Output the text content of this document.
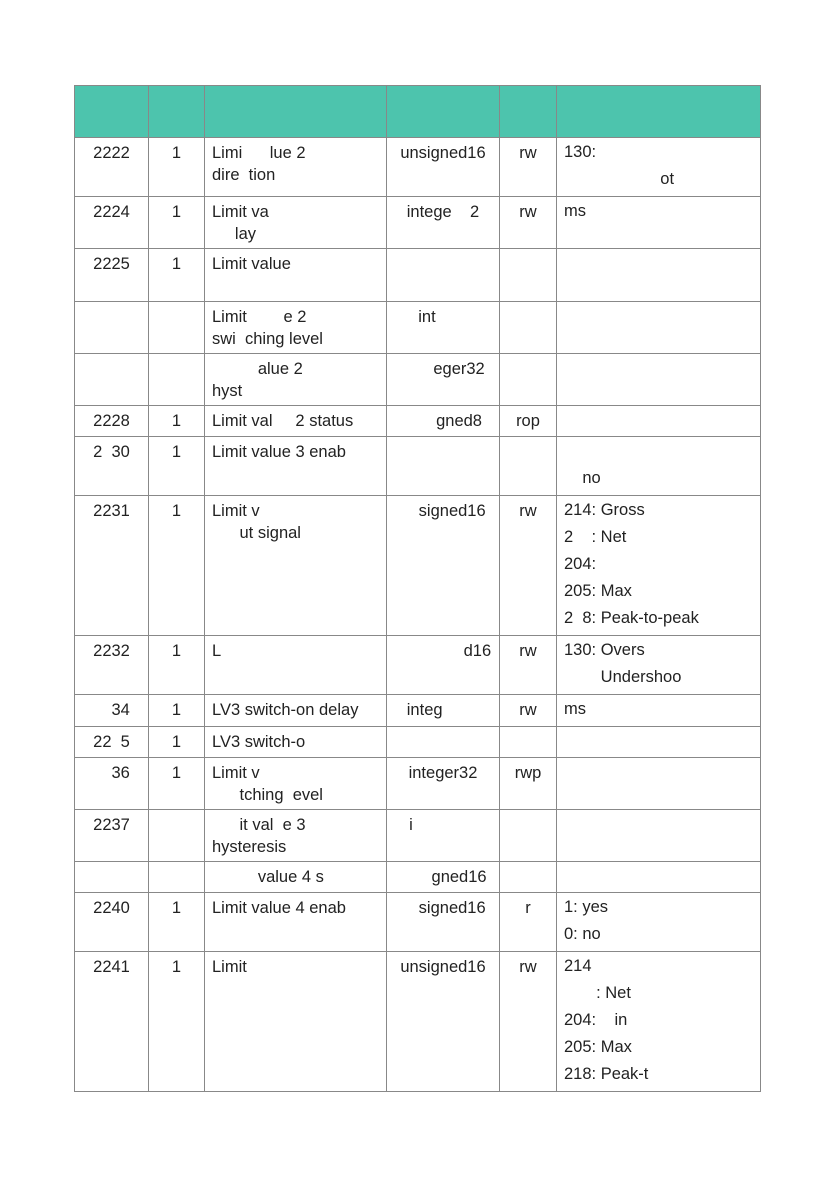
2222	1	Limi      lue 2
dire  tion	unsigned16	rw	130:
ot

2224	1	Limit va
lay	intege    2	rw	ms

2225	1	Limit value			

		Limit        e 2
swi  ching level	int		

		alue 2
hyst	eger32		

2228	1	Limit val     2 status	gned8	rop	

2  30	1	Limit value 3 enab			no

2231	1	Limit v
ut signal	signed16	rw	214: Gross
2    : Net
204:
205: Max
2  8: Peak-to-peak

2232	1	L	d16	rw	130: Overs
Undershoo

34	1	LV3 switch-on delay	integ	rw	ms

22  5	1	LV3 switch-o			

36	1	Limit v
tching  evel	integer32	rwp	

2237		it val  e 3
hysteresis	i		

		value 4 s	gned16		

2240	1	Limit value 4 enab	signed16	r	1: yes
0: no

2241	1	Limit	unsigned16	rw	214
: Net
204:    in
205: Max
218: Peak-t
